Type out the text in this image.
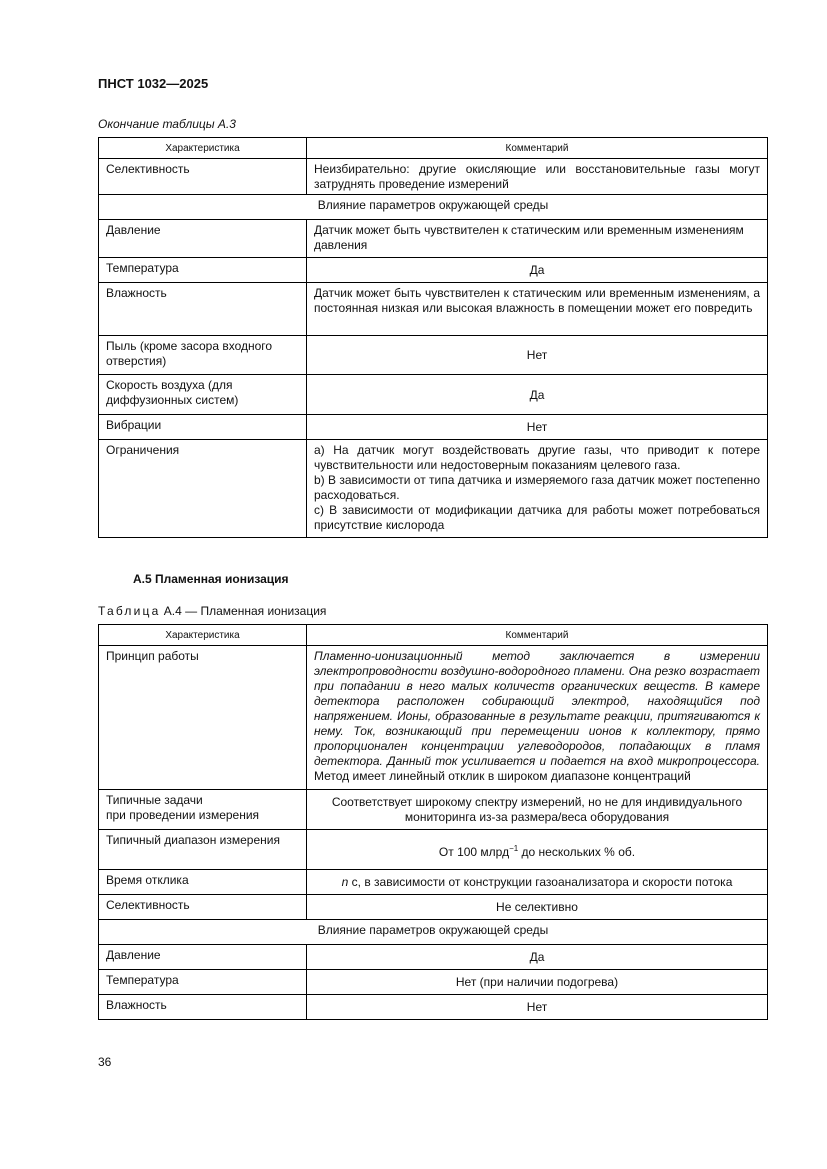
ПНСТ 1032—2025
Окончание таблицы А.3
Характеристика	Комментарий
Селективность	Неизбирательно: другие окисляющие или восстановительные газы могут затруднять проведение измерений
Влияние параметров окружающей среды	
Давление	Датчик может быть чувствителен к статическим или временным изменениям давления
Температура	Да
Влажность	Датчик может быть чувствителен к статическим или временным изменениям, а постоянная низкая или высокая влажность в помещении может его повредить
Пыль (кроме засора входного отверстия)	Нет
Скорость воздуха (для диффузионных систем)	Да
Вибрации	Нет
Ограничения	a) На датчик могут воздействовать другие газы, что приводит к потере чувствительности или недостоверным показаниям целевого газа.
b) В зависимости от типа датчика и измеряемого газа датчик может постепенно расходоваться.
c) В зависимости от модификации датчика для работы может потребоваться присутствие кислорода
А.5 Пламенная ионизация
Таблица А.4 — Пламенная ионизация
Характеристика	Комментарий
Принцип работы	Пламенно-ионизационный метод заключается в измерении электропроводности воздушно-водородного пламени. Она резко возрастает при попадании в него малых количеств органических веществ. В камере детектора расположен собирающий электрод, находящийся под напряжением. Ионы, образованные в результате реакции, притягиваются к нему. Ток, возникающий при перемещении ионов к коллектору, прямо пропорционален концентрации углеводородов, попадающих в пламя детектора. Данный ток усиливается и подается на вход микропроцессора. Метод имеет линейный отклик в широком диапазоне концентраций

Типичные задачи
при проведении измерения	Соответствует широкому спектру измерений, но не для индивидуального мониторинга из-за размера/веса оборудования
Типичный диапазон измерения	От 100 млрд$^{-1}$ до нескольких % об.
Время отклика	n с, в зависимости от конструкции газоанализатора и скорости потока
Селективность	Не селективно
Влияние параметров окружающей среды	
Давление	Да
Температура	Нет (при наличии подогрева)
Влажность	Нет
36
